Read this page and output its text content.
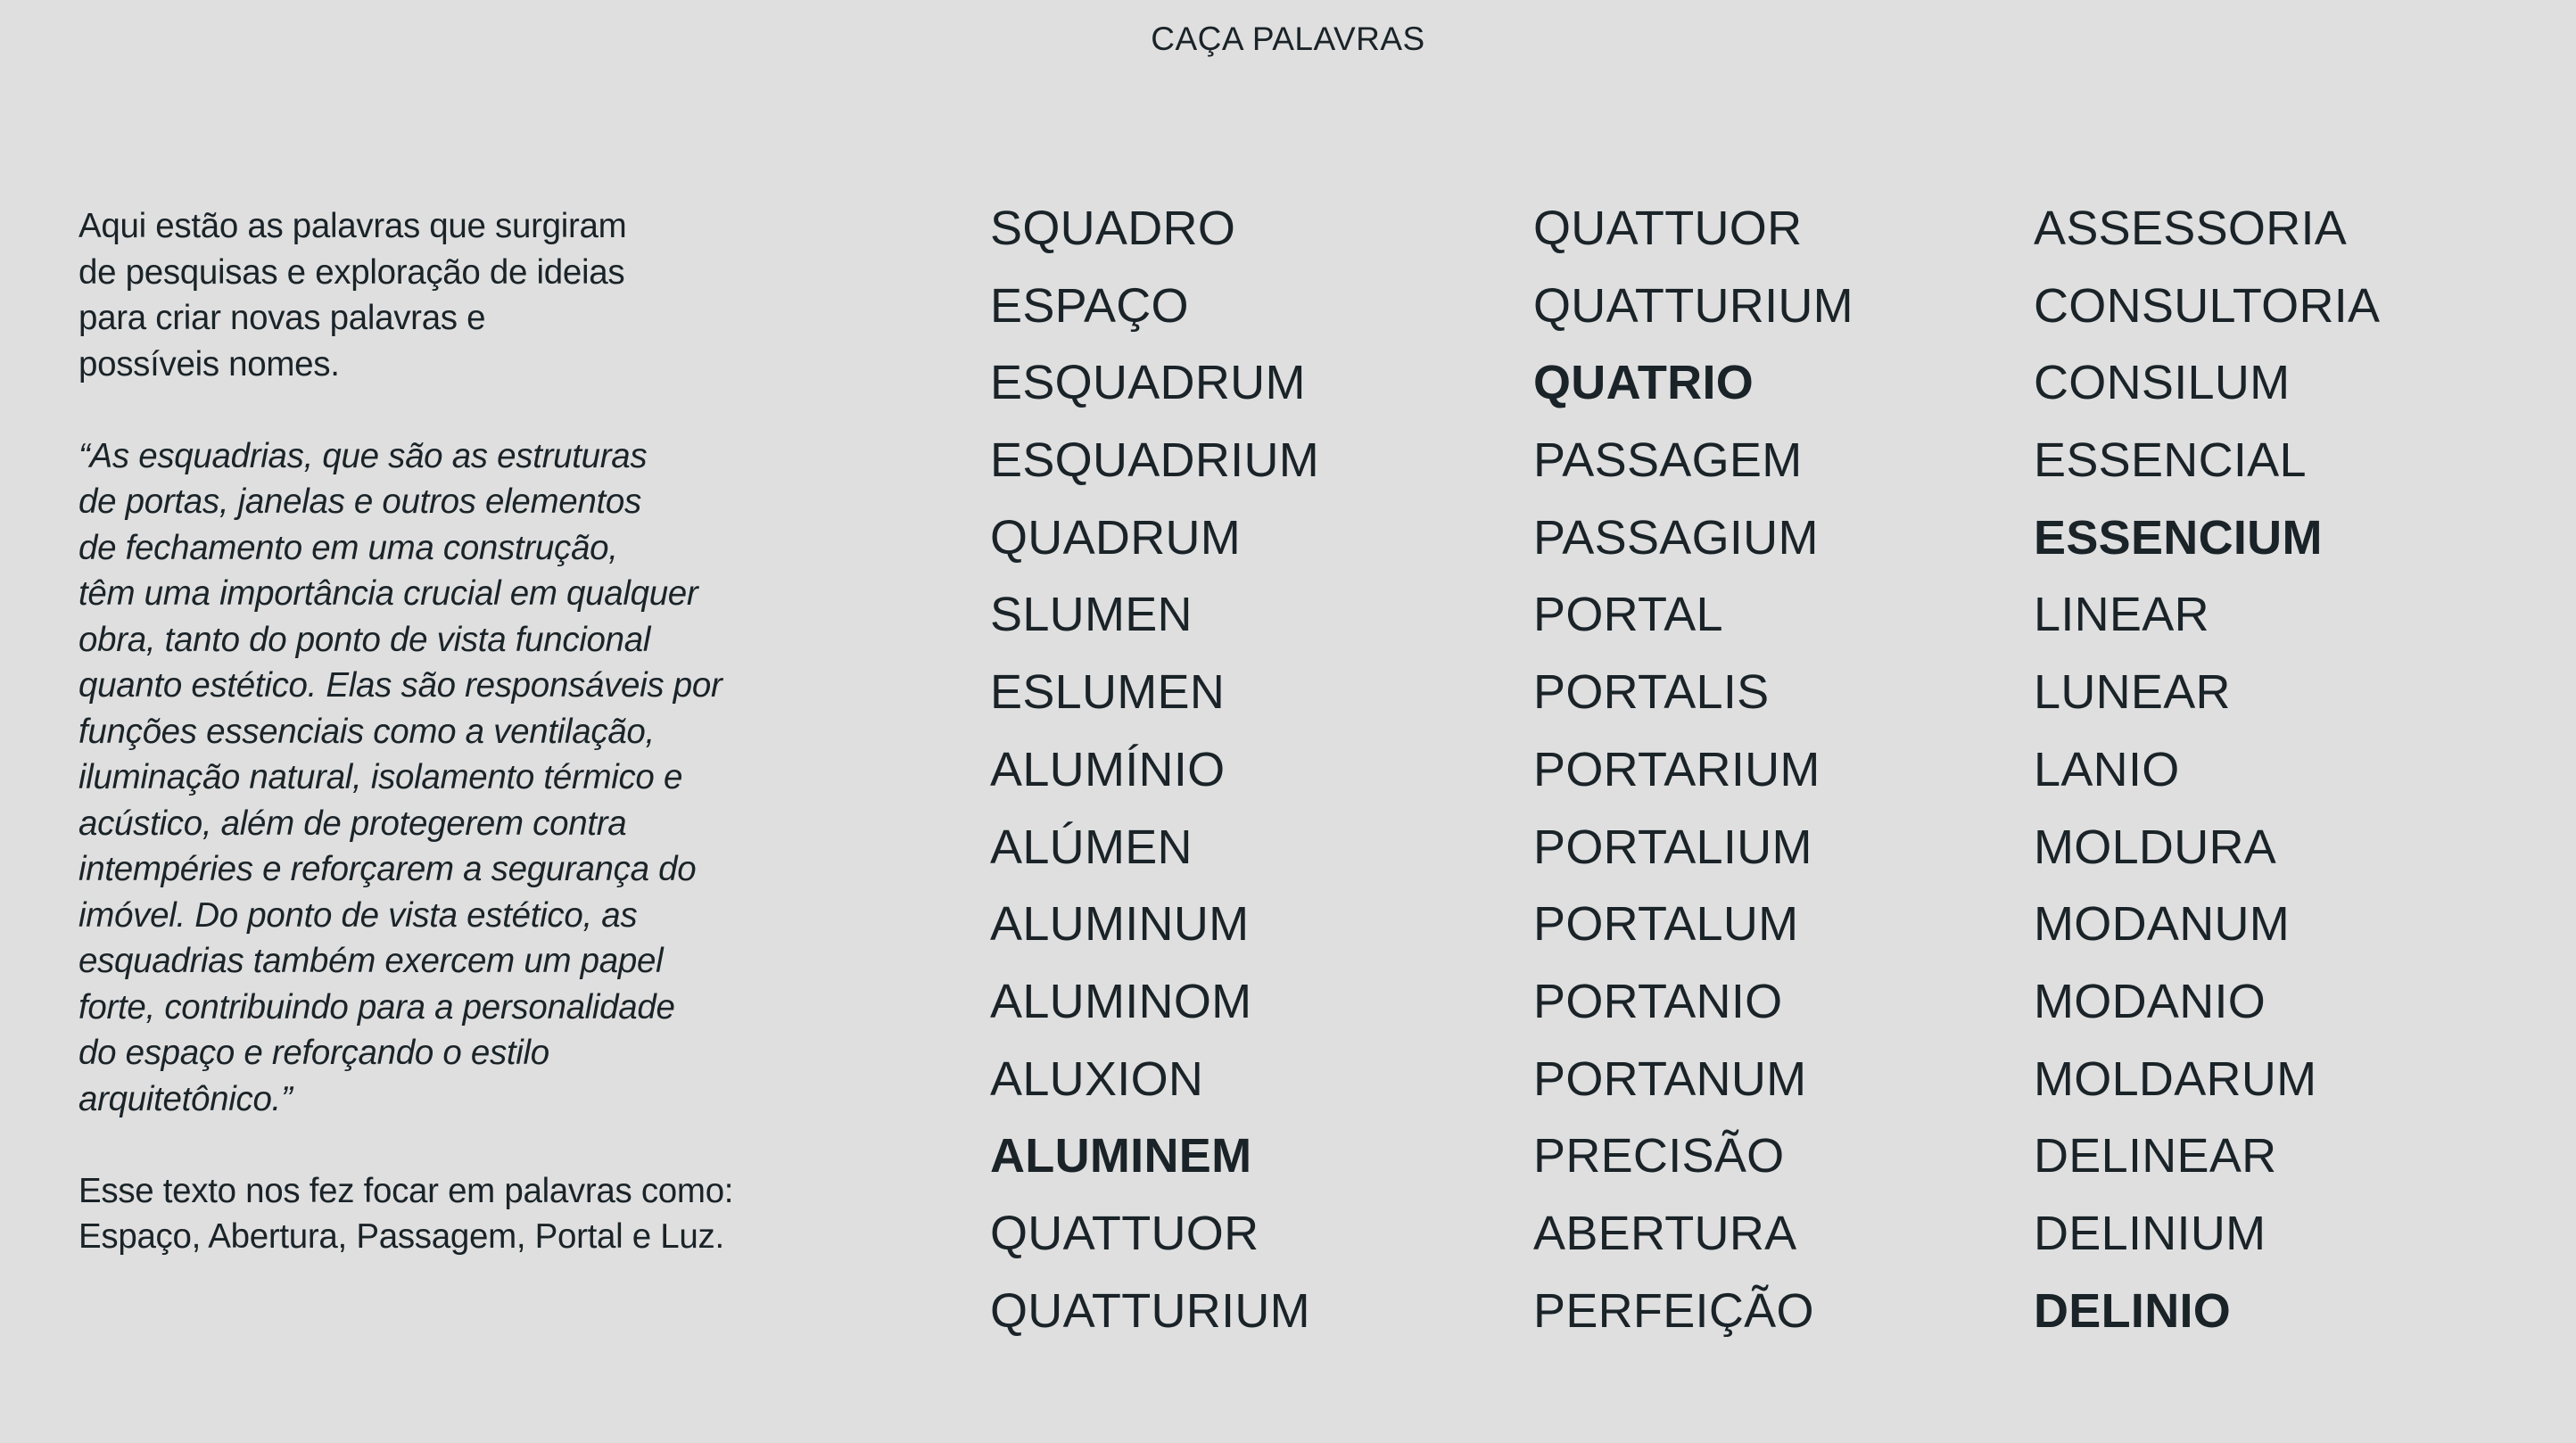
CAÇA PALAVRAS

Aqui estão as palavras que surgiram
de pesquisas e exploração de ideias
para criar novas palavras e
possíveis nomes.

“As esquadrias, que são as estruturas
de portas, janelas e outros elementos
de fechamento em uma construção,
têm uma importância crucial em qualquer
obra, tanto do ponto de vista funcional
quanto estético. Elas são responsáveis por
funções essenciais como a ventilação,
iluminação natural, isolamento térmico e
acústico, além de protegerem contra
intempéries e reforçarem a segurança do
imóvel. Do ponto de vista estético, as
esquadrias também exercem um papel
forte, contribuindo para a personalidade
do espaço e reforçando o estilo
arquitetônico.”

Esse texto nos fez focar em palavras como:
Espaço, Abertura, Passagem, Portal e Luz.

SQUADRO
ESPAÇO
ESQUADRUM
ESQUADRIUM
QUADRUM
SLUMEN
ESLUMEN
ALUMÍNIO
ALÚMEN
ALUMINUM
ALUMINOM
ALUXION
ALUMINEM
QUATTUOR
QUATTURIUM
QUATTUOR
QUATTURIUM
QUATRIO
PASSAGEM
PASSAGIUM
PORTAL
PORTALIS
PORTARIUM
PORTALIUM
PORTALUM
PORTANIO
PORTANUM
PRECISÃO
ABERTURA
PERFEIÇÃO
ASSESSORIA
CONSULTORIA
CONSILUM
ESSENCIAL
ESSENCIUM
LINEAR
LUNEAR
LANIO
MOLDURA
MODANUM
MODANIO
MOLDARUM
DELINEAR
DELINIUM
DELINIO
